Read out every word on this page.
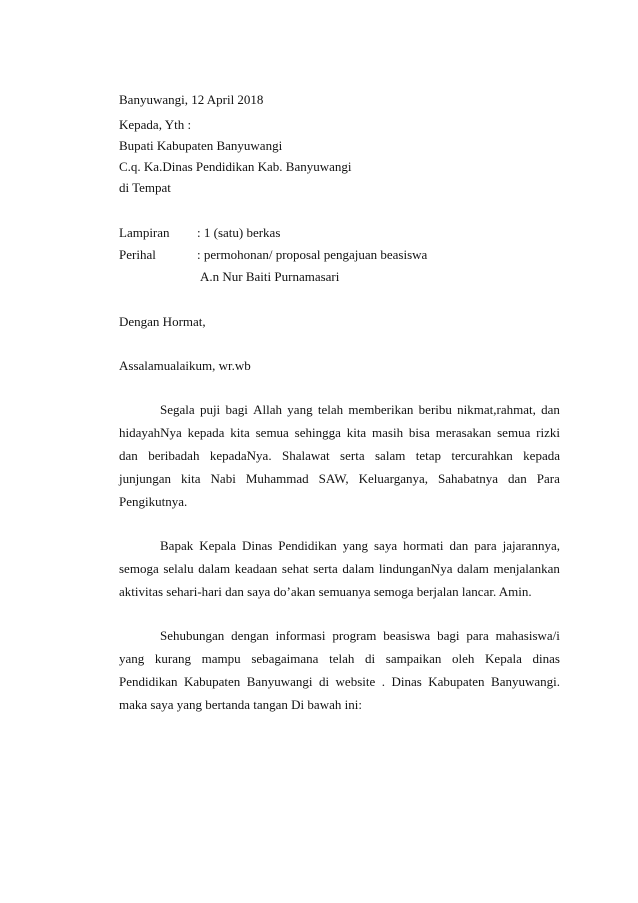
Banyuwangi, 12 April 2018
Kepada, Yth :
Bupati Kabupaten Banyuwangi
C.q. Ka.Dinas Pendidikan Kab. Banyuwangi
di Tempat
Lampiran : 1 (satu) berkas
Perihal	: permohonan/ proposal pengajuan beasiswa
A.n Nur Baiti Purnamasari
Dengan Hormat,
Assalamualaikum, wr.wb
Segala puji bagi Allah yang telah memberikan beribu nikmat,rahmat, dan
hidayahNya kepada kita semua sehingga kita masih bisa merasakan semua rizki
dan beribadah kepadaNya. Shalawat serta salam tetap tercurahkan kepada
junjungan kita Nabi Muhammad SAW, Keluarganya, Sahabatnya dan Para
Pengikutnya.
Bapak Kepala Dinas Pendidikan yang saya hormati dan para jajarannya,
semoga selalu dalam keadaan sehat serta dalam lindunganNya dalam menjalankan
aktivitas sehari-hari dan saya do’akan semuanya semoga berjalan lancar. Amin.
Sehubungan dengan informasi program beasiswa bagi para mahasiswa/i
yang kurang mampu sebagaimana telah di sampaikan oleh Kepala dinas
Pendidikan Kabupaten Banyuwangi di website . Dinas Kabupaten Banyuwangi.
maka saya yang bertanda tangan Di bawah ini:
